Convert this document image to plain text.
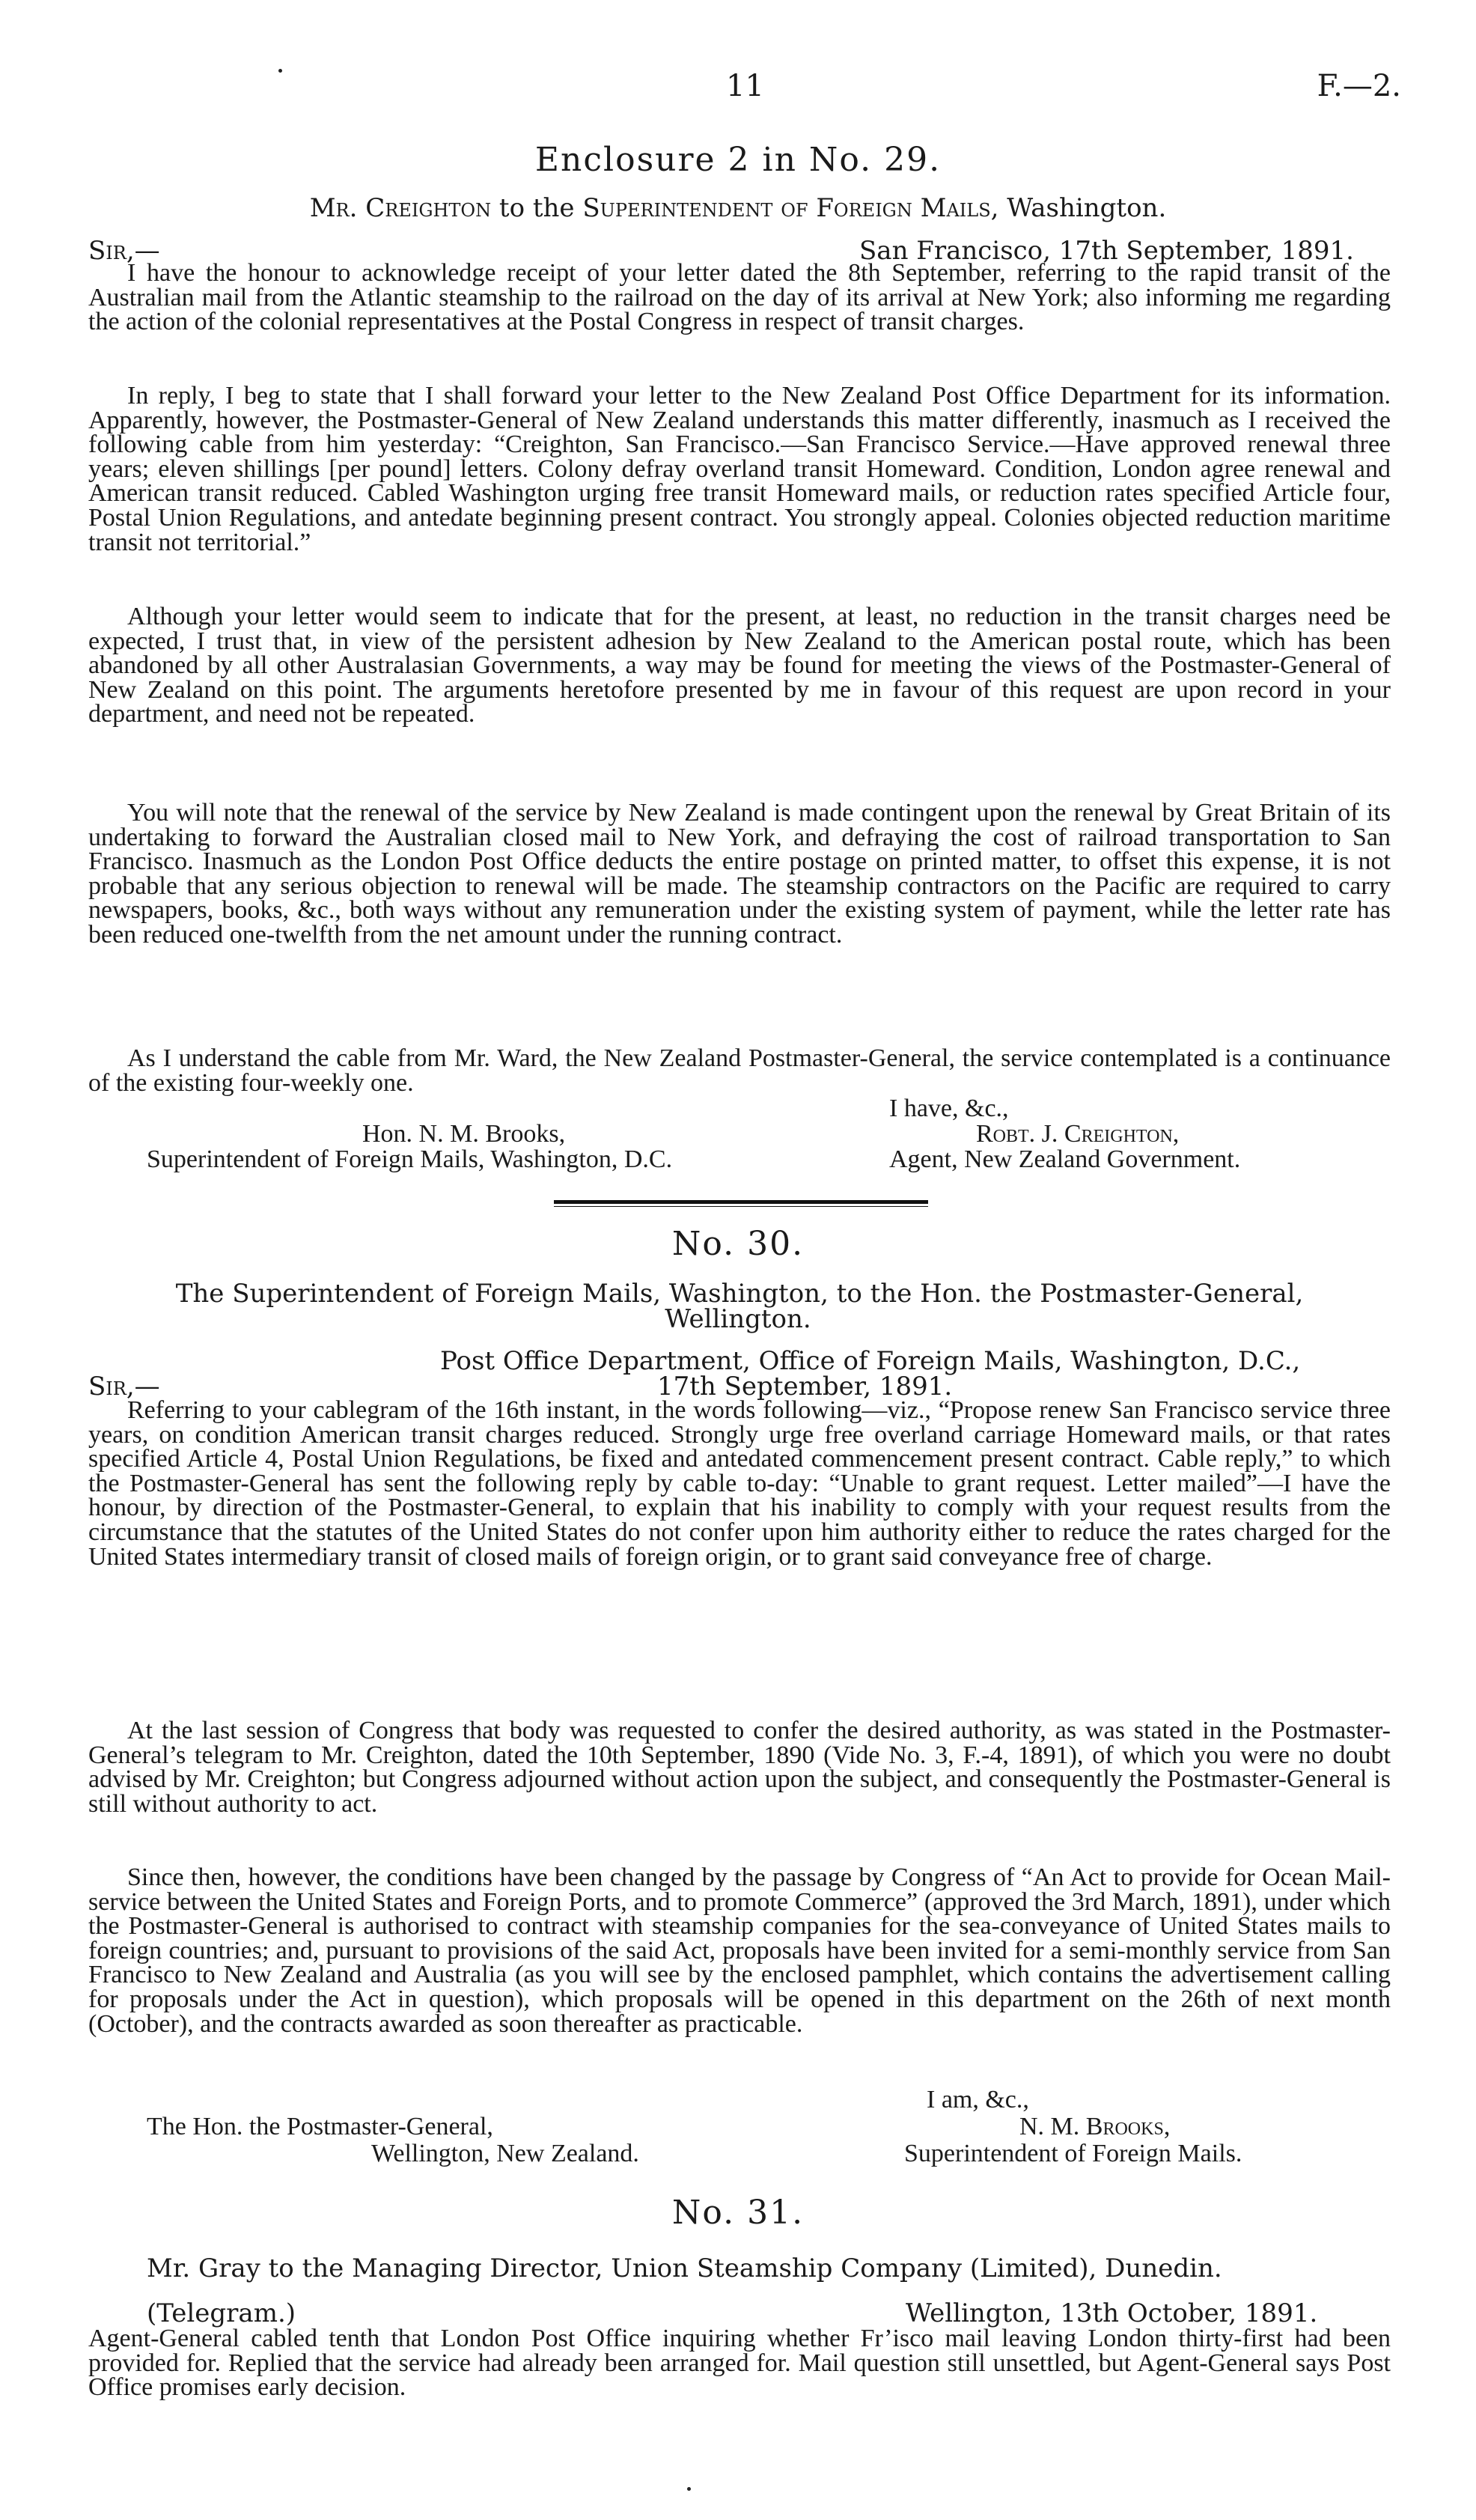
11	F.—2.
Enclosure 2 in No. 29.
Mr. Creighton to the Superintendent of Foreign Mails, Washington.
Sir,—	San Francisco, 17th September, 1891.

I have the honour to acknowledge receipt of your letter dated the 8th September, referring to the rapid transit of the Australian mail from the Atlantic steamship to the railroad on the day of its arrival at New York; also informing me regarding the action of the colonial representatives at the Postal Congress in respect of transit charges.

In reply, I beg to state that I shall forward your letter to the New Zealand Post Office Department for its information. Apparently, however, the Postmaster-General of New Zealand understands this matter differently, inasmuch as I received the following cable from him yesterday: “Creighton, San Francisco.—San Francisco Service.—Have approved renewal three years; eleven shillings [per pound] letters. Colony defray overland transit Homeward. Condition, London agree renewal and American transit reduced. Cabled Washington urging free transit Homeward mails, or reduction rates specified Article four, Postal Union Regulations, and antedate beginning present contract. You strongly appeal. Colonies objected reduction maritime transit not territorial.”

Although your letter would seem to indicate that for the present, at least, no reduction in the transit charges need be expected, I trust that, in view of the persistent adhesion by New Zealand to the American postal route, which has been abandoned by all other Australasian Governments, a way may be found for meeting the views of the Postmaster-General of New Zealand on this point. The arguments heretofore presented by me in favour of this request are upon record in your department, and need not be repeated.

You will note that the renewal of the service by New Zealand is made contingent upon the renewal by Great Britain of its undertaking to forward the Australian closed mail to New York, and defraying the cost of railroad transportation to San Francisco. Inasmuch as the London Post Office deducts the entire postage on printed matter, to offset this expense, it is not probable that any serious objection to renewal will be made. The steamship contractors on the Pacific are required to carry newspapers, books, &c., both ways without any remuneration under the existing system of payment, while the letter rate has been reduced one-twelfth from the net amount under the running contract.

As I understand the cable from Mr. Ward, the New Zealand Postmaster-General, the service contemplated is a continuance of the existing four-weekly one.

I have, &c.,
Hon. N. M. Brooks,	Robt. J. Creighton,
Superintendent of Foreign Mails, Washington, D.C.	Agent, New Zealand Government.
No. 30.
The Superintendent of Foreign Mails, Washington, to the Hon. the Postmaster-General,
Wellington.
Post Office Department, Office of Foreign Mails, Washington, D.C.,
Sir,—	17th September, 1891.

Referring to your cablegram of the 16th instant, in the words following—viz., “Propose renew San Francisco service three years, on condition American transit charges reduced. Strongly urge free overland carriage Homeward mails, or that rates specified Article 4, Postal Union Regulations, be fixed and antedated commencement present contract. Cable reply,” to which the Postmaster-General has sent the following reply by cable to-day: “Unable to grant request. Letter mailed”—I have the honour, by direction of the Postmaster-General, to explain that his inability to comply with your request results from the circumstance that the statutes of the United States do not confer upon him authority either to reduce the rates charged for the United States intermediary transit of closed mails of foreign origin, or to grant said conveyance free of charge.

At the last session of Congress that body was requested to confer the desired authority, as was stated in the Postmaster-General’s telegram to Mr. Creighton, dated the 10th September, 1890 (Vide No. 3, F.-4, 1891), of which you were no doubt advised by Mr. Creighton; but Congress adjourned without action upon the subject, and consequently the Postmaster-General is still without authority to act.

Since then, however, the conditions have been changed by the passage by Congress of “An Act to provide for Ocean Mail-service between the United States and Foreign Ports, and to promote Commerce” (approved the 3rd March, 1891), under which the Postmaster-General is authorised to contract with steamship companies for the sea-conveyance of United States mails to foreign countries; and, pursuant to provisions of the said Act, proposals have been invited for a semi-monthly service from San Francisco to New Zealand and Australia (as you will see by the enclosed pamphlet, which contains the advertisement calling for proposals under the Act in question), which proposals will be opened in this department on the 26th of next month (October), and the contracts awarded as soon thereafter as practicable.

I am, &c.,
The Hon. the Postmaster-General,	N. M. Brooks,
Wellington, New Zealand.	Superintendent of Foreign Mails.
No. 31.
Mr. Gray to the Managing Director, Union Steamship Company (Limited), Dunedin.
(Telegram.)	Wellington, 13th October, 1891.

Agent-General cabled tenth that London Post Office inquiring whether Fr’isco mail leaving London thirty-first had been provided for. Replied that the service had already been arranged for. Mail question still unsettled, but Agent-General says Post Office promises early decision.
